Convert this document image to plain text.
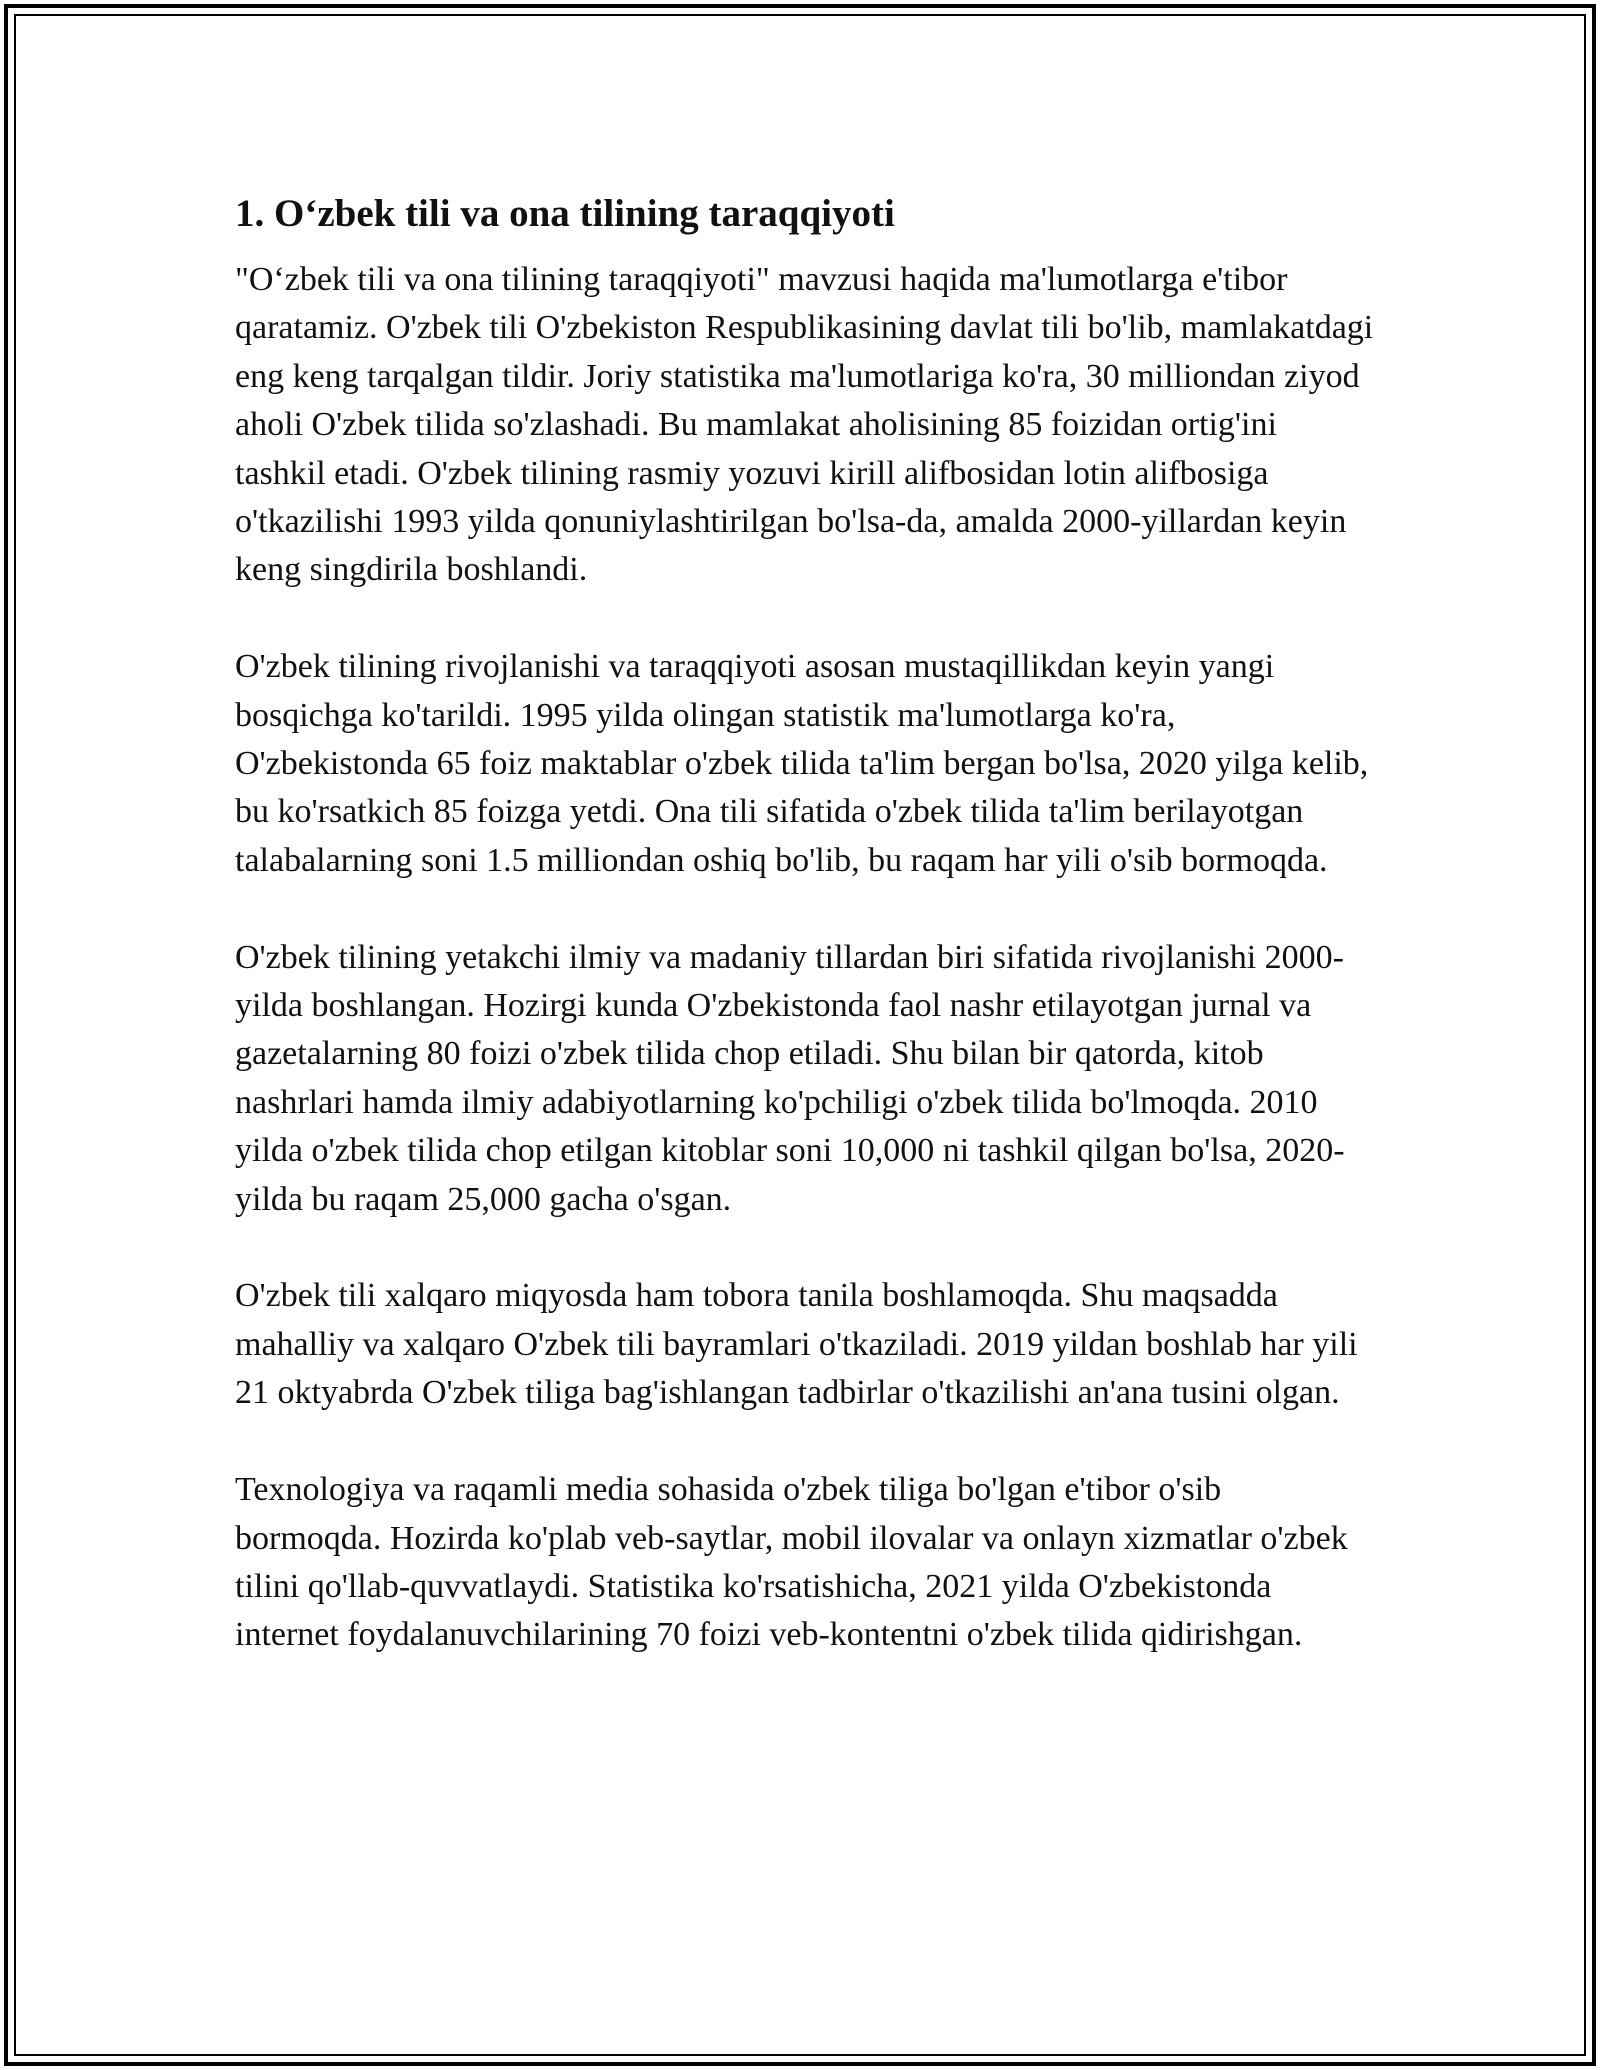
1. O‘zbek tili va ona tilining taraqqiyoti

"O‘zbek tili va ona tilining taraqqiyoti" mavzusi haqida ma'lumotlarga e'tibor qaratamiz. O'zbek tili O'zbekiston Respublikasining davlat tili bo'lib, mamlakatdagi eng keng tarqalgan tildir. Joriy statistika ma'lumotlariga ko'ra, 30 milliondan ziyod aholi O'zbek tilida so'zlashadi. Bu mamlakat aholisining 85 foizidan ortig'ini tashkil etadi. O'zbek tilining rasmiy yozuvi kirill alifbosidan lotin alifbosiga o'tkazilishi 1993 yilda qonuniylashtirilgan bo'lsa-da, amalda 2000-yillardan keyin keng singdirila boshlandi.

O'zbek tilining rivojlanishi va taraqqiyoti asosan mustaqillikdan keyin yangi bosqichga ko'tarildi. 1995 yilda olingan statistik ma'lumotlarga ko'ra, O'zbekistonda 65 foiz maktablar o'zbek tilida ta'lim bergan bo'lsa, 2020 yilga kelib, bu ko'rsatkich 85 foizga yetdi. Ona tili sifatida o'zbek tilida ta'lim berilayotgan talabalarning soni 1.5 milliondan oshiq bo'lib, bu raqam har yili o'sib bormoqda.

O'zbek tilining yetakchi ilmiy va madaniy tillardan biri sifatida rivojlanishi 2000-yilda boshlangan. Hozirgi kunda O'zbekistonda faol nashr etilayotgan jurnal va gazetalarning 80 foizi o'zbek tilida chop etiladi. Shu bilan bir qatorda, kitob nashrlari hamda ilmiy adabiyotlarning ko'pchiligi o'zbek tilida bo'lmoqda. 2010 yilda o'zbek tilida chop etilgan kitoblar soni 10,000 ni tashkil qilgan bo'lsa, 2020-yilda bu raqam 25,000 gacha o'sgan.

O'zbek tili xalqaro miqyosda ham tobora tanila boshlamoqda. Shu maqsadda mahalliy va xalqaro O'zbek tili bayramlari o'tkaziladi. 2019 yildan boshlab har yili 21 oktyabrda O'zbek tiliga bag'ishlangan tadbirlar o'tkazilishi an'ana tusini olgan.

Texnologiya va raqamli media sohasida o'zbek tiliga bo'lgan e'tibor o'sib bormoqda. Hozirda ko'plab veb-saytlar, mobil ilovalar va onlayn xizmatlar o'zbek tilini qo'llab-quvvatlaydi. Statistika ko'rsatishicha, 2021 yilda O'zbekistonda internet foydalanuvchilarining 70 foizi veb-kontentni o'zbek tilida qidirishgan.
